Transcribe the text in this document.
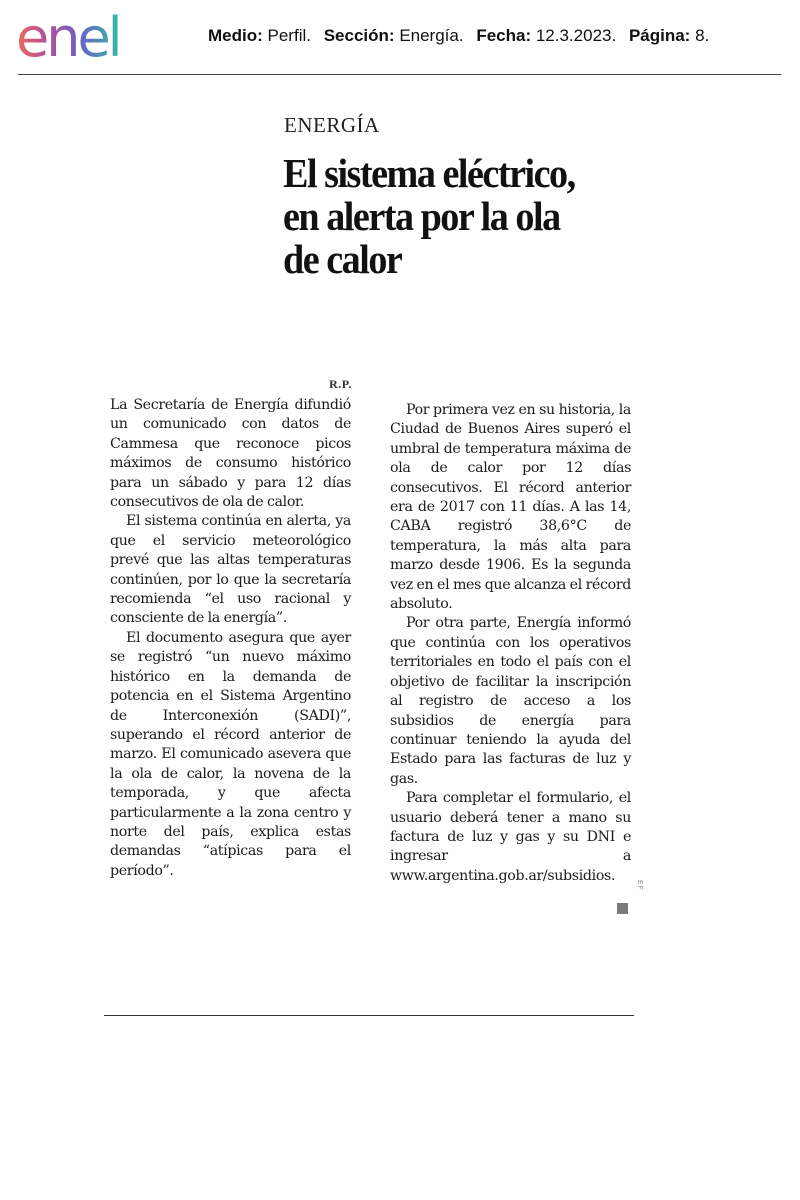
enel	Medio: Perfil. Sección: Energía. Fecha: 12.3.2023. Página: 8.
ENERGÍA
El sistema eléctrico, en alerta por la ola de calor
R.P.

La Secretaría de Energía difundió un comunicado con datos de Cammesa que reconoce picos máximos de consumo histórico para un sábado y para 12 días consecutivos de ola de calor.

El sistema continúa en alerta, ya que el servicio meteorológico prevé que las altas temperaturas continúen, por lo que la secretaría recomienda “el uso racional y consciente de la energía”.

El documento asegura que ayer se registró “un nuevo máximo histórico en la demanda de potencia en el Sistema Argentino de Interconexión (SADI)”, superando el récord anterior de marzo. El comunicado asevera que la ola de calor, la novena de la temporada, y que afecta particularmente a la zona centro y norte del país, explica estas demandas “atípicas para el período”.

Por primera vez en su historia, la Ciudad de Buenos Aires superó el umbral de temperatura máxima de ola de calor por 12 días consecutivos. El récord anterior era de 2017 con 11 días. A las 14, CABA registró 38,6°C de temperatura, la más alta para marzo desde 1906. Es la segunda vez en el mes que alcanza el récord absoluto.

Por otra parte, Energía informó que continúa con los operativos territoriales en todo el país con el objetivo de facilitar la inscripción al registro de acceso a los subsidios de energía para continuar teniendo la ayuda del Estado para las facturas de luz y gas.

Para completar el formulario, el usuario deberá tener a mano su factura de luz y gas y su DNI e ingresar a www.argentina.gob.ar/subsidios.

EF
